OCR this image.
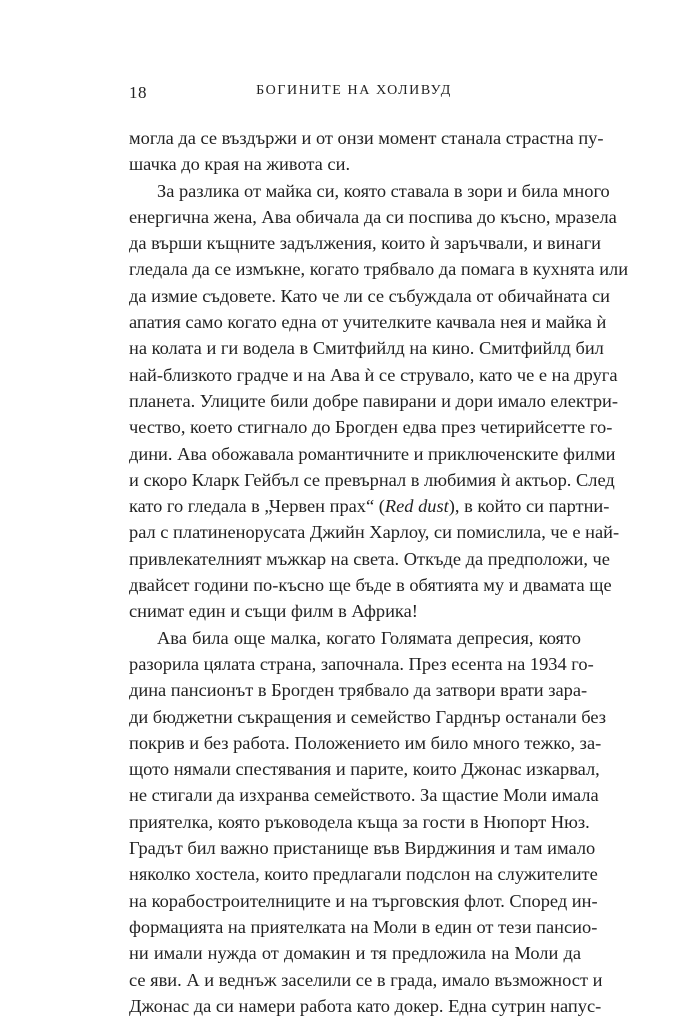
18	БОГИНИТЕ НА ХОЛИВУД
могла да се въздържи и от онзи момент станала страстна пу-
шачка до края на живота си.
За разлика от майка си, която ставала в зори и била много
енергична жена, Ава обичала да си поспива до късно, мразела
да върши къщните задължения, които ѝ заръчвали, и винаги
гледала да се измъкне, когато трябвало да помага в кухнята или
да измие съдовете. Като че ли се събуждала от обичайната си
апатия само когато една от учителките качвала нея и майка ѝ
на колата и ги водела в Смитфийлд на кино. Смитфийлд бил
най-близкото градче и на Ава ѝ се струвало, като че е на друга
планета. Улиците били добре павирани и дори имало електри-
чество, което стигнало до Брогден едва през четирийсетте го-
дини. Ава обожавала романтичните и приключенските филми
и скоро Кларк Гейбъл се превърнал в любимия ѝ актьор. След
като го гледала в „Червен прах“ (Red dust), в който си партни-
рал с платиненорусата Джийн Харлоу, си помислила, че е най-
привлекателният мъжкар на света. Откъде да предположи, че
двайсет години по-късно ще бъде в обятията му и двамата ще
снимат един и същи филм в Африка!
Ава била още малка, когато Голямата депресия, която
разорила цялата страна, започнала. През есента на 1934 го-
дина пансионът в Брогден трябвало да затвори врати зара-
ди бюджетни съкращения и семейство Гарднър останали без
покрив и без работа. Положението им било много тежко, за-
щото нямали спестявания и парите, които Джонас изкарвал,
не стигали да изхранва семейството. За щастие Моли имала
приятелка, която ръководела къща за гости в Нюпорт Нюз.
Градът бил важно пристанище във Вирджиния и там имало
няколко хостела, които предлагали подслон на служителите
на корабостроителниците и на търговския флот. Според ин-
формацията на приятелката на Моли в един от тези пансио-
ни имали нужда от домакин и тя предложила на Моли да
се яви. А и веднъж заселили се в града, имало възможност и
Джонас да си намери работа като докер. Една сутрин напус-
